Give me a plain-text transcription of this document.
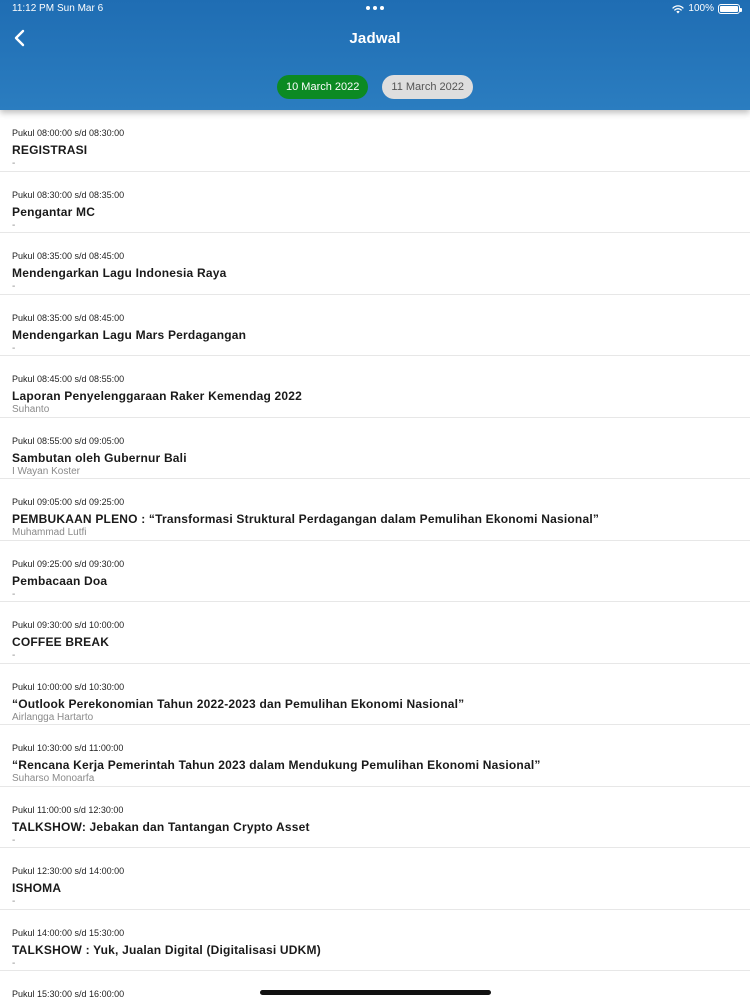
11:12 PM Sun Mar 6	100%
Jadwal
10 March 2022	11 March 2022
Pukul 08:00:00 s/d 08:30:00
REGISTRASI
-
Pukul 08:30:00 s/d 08:35:00
Pengantar MC
-
Pukul 08:35:00 s/d 08:45:00
Mendengarkan Lagu Indonesia Raya
-
Pukul 08:35:00 s/d 08:45:00
Mendengarkan Lagu Mars Perdagangan
-
Pukul 08:45:00 s/d 08:55:00
Laporan Penyelenggaraan Raker Kemendag 2022
Suhanto
Pukul 08:55:00 s/d 09:05:00
Sambutan oleh Gubernur Bali
I Wayan Koster
Pukul 09:05:00 s/d 09:25:00
PEMBUKAAN PLENO : “Transformasi Struktural Perdagangan dalam Pemulihan Ekonomi Nasional”
Muhammad Lutfi
Pukul 09:25:00 s/d 09:30:00
Pembacaan Doa
-
Pukul 09:30:00 s/d 10:00:00
COFFEE BREAK
-
Pukul 10:00:00 s/d 10:30:00
“Outlook Perekonomian Tahun 2022-2023 dan Pemulihan Ekonomi Nasional”
Airlangga Hartarto
Pukul 10:30:00 s/d 11:00:00
“Rencana Kerja Pemerintah Tahun 2023 dalam Mendukung Pemulihan Ekonomi Nasional”
Suharso Monoarfa
Pukul 11:00:00 s/d 12:30:00
TALKSHOW: Jebakan dan Tantangan Crypto Asset
-
Pukul 12:30:00 s/d 14:00:00
ISHOMA
-
Pukul 14:00:00 s/d 15:30:00
TALKSHOW : Yuk, Jualan Digital (Digitalisasi UDKM)
-
Pukul 15:30:00 s/d 16:00:00
